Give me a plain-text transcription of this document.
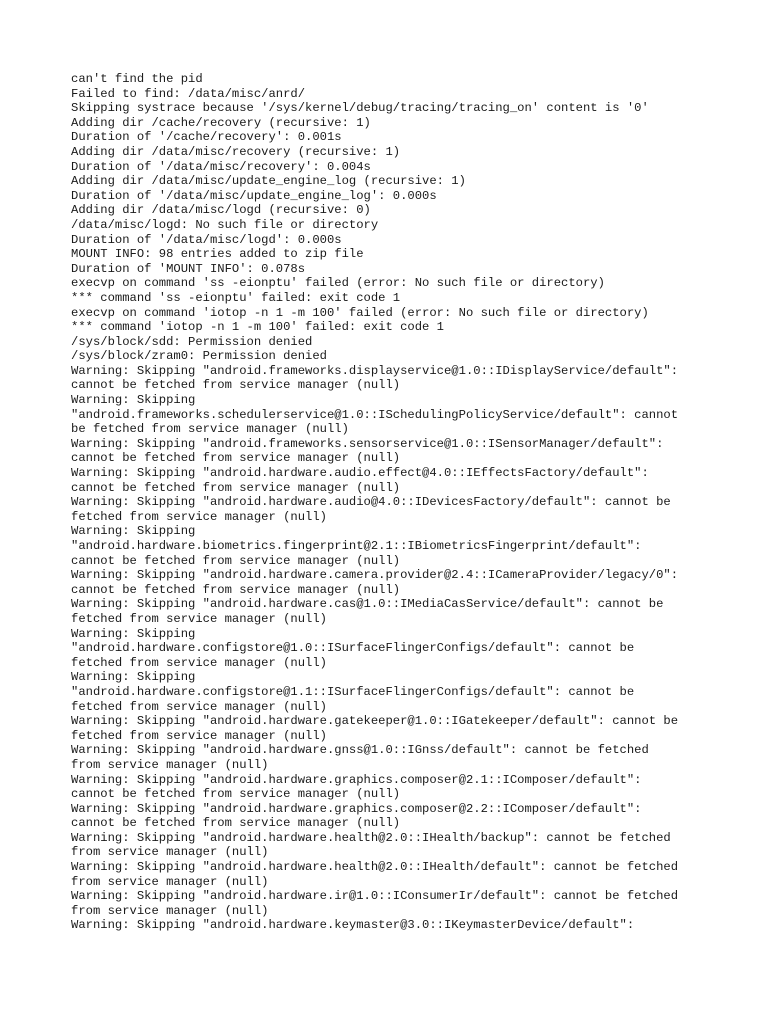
can't find the pid
Failed to find: /data/misc/anrd/
Skipping systrace because '/sys/kernel/debug/tracing/tracing_on' content is '0'
Adding dir /cache/recovery (recursive: 1)
Duration of '/cache/recovery': 0.001s
Adding dir /data/misc/recovery (recursive: 1)
Duration of '/data/misc/recovery': 0.004s
Adding dir /data/misc/update_engine_log (recursive: 1)
Duration of '/data/misc/update_engine_log': 0.000s
Adding dir /data/misc/logd (recursive: 0)
/data/misc/logd: No such file or directory
Duration of '/data/misc/logd': 0.000s
MOUNT INFO: 98 entries added to zip file
Duration of 'MOUNT INFO': 0.078s
execvp on command 'ss -eionptu' failed (error: No such file or directory)
*** command 'ss -eionptu' failed: exit code 1
execvp on command 'iotop -n 1 -m 100' failed (error: No such file or directory)
*** command 'iotop -n 1 -m 100' failed: exit code 1
/sys/block/sdd: Permission denied
/sys/block/zram0: Permission denied
Warning: Skipping "android.frameworks.displayservice@1.0::IDisplayService/default":
cannot be fetched from service manager (null)
Warning: Skipping
"android.frameworks.schedulerservice@1.0::ISchedulingPolicyService/default": cannot
be fetched from service manager (null)
Warning: Skipping "android.frameworks.sensorservice@1.0::ISensorManager/default":
cannot be fetched from service manager (null)
Warning: Skipping "android.hardware.audio.effect@4.0::IEffectsFactory/default":
cannot be fetched from service manager (null)
Warning: Skipping "android.hardware.audio@4.0::IDevicesFactory/default": cannot be
fetched from service manager (null)
Warning: Skipping
"android.hardware.biometrics.fingerprint@2.1::IBiometricsFingerprint/default":
cannot be fetched from service manager (null)
Warning: Skipping "android.hardware.camera.provider@2.4::ICameraProvider/legacy/0":
cannot be fetched from service manager (null)
Warning: Skipping "android.hardware.cas@1.0::IMediaCasService/default": cannot be
fetched from service manager (null)
Warning: Skipping
"android.hardware.configstore@1.0::ISurfaceFlingerConfigs/default": cannot be
fetched from service manager (null)
Warning: Skipping
"android.hardware.configstore@1.1::ISurfaceFlingerConfigs/default": cannot be
fetched from service manager (null)
Warning: Skipping "android.hardware.gatekeeper@1.0::IGatekeeper/default": cannot be
fetched from service manager (null)
Warning: Skipping "android.hardware.gnss@1.0::IGnss/default": cannot be fetched
from service manager (null)
Warning: Skipping "android.hardware.graphics.composer@2.1::IComposer/default":
cannot be fetched from service manager (null)
Warning: Skipping "android.hardware.graphics.composer@2.2::IComposer/default":
cannot be fetched from service manager (null)
Warning: Skipping "android.hardware.health@2.0::IHealth/backup": cannot be fetched
from service manager (null)
Warning: Skipping "android.hardware.health@2.0::IHealth/default": cannot be fetched
from service manager (null)
Warning: Skipping "android.hardware.ir@1.0::IConsumerIr/default": cannot be fetched
from service manager (null)
Warning: Skipping "android.hardware.keymaster@3.0::IKeymasterDevice/default":
